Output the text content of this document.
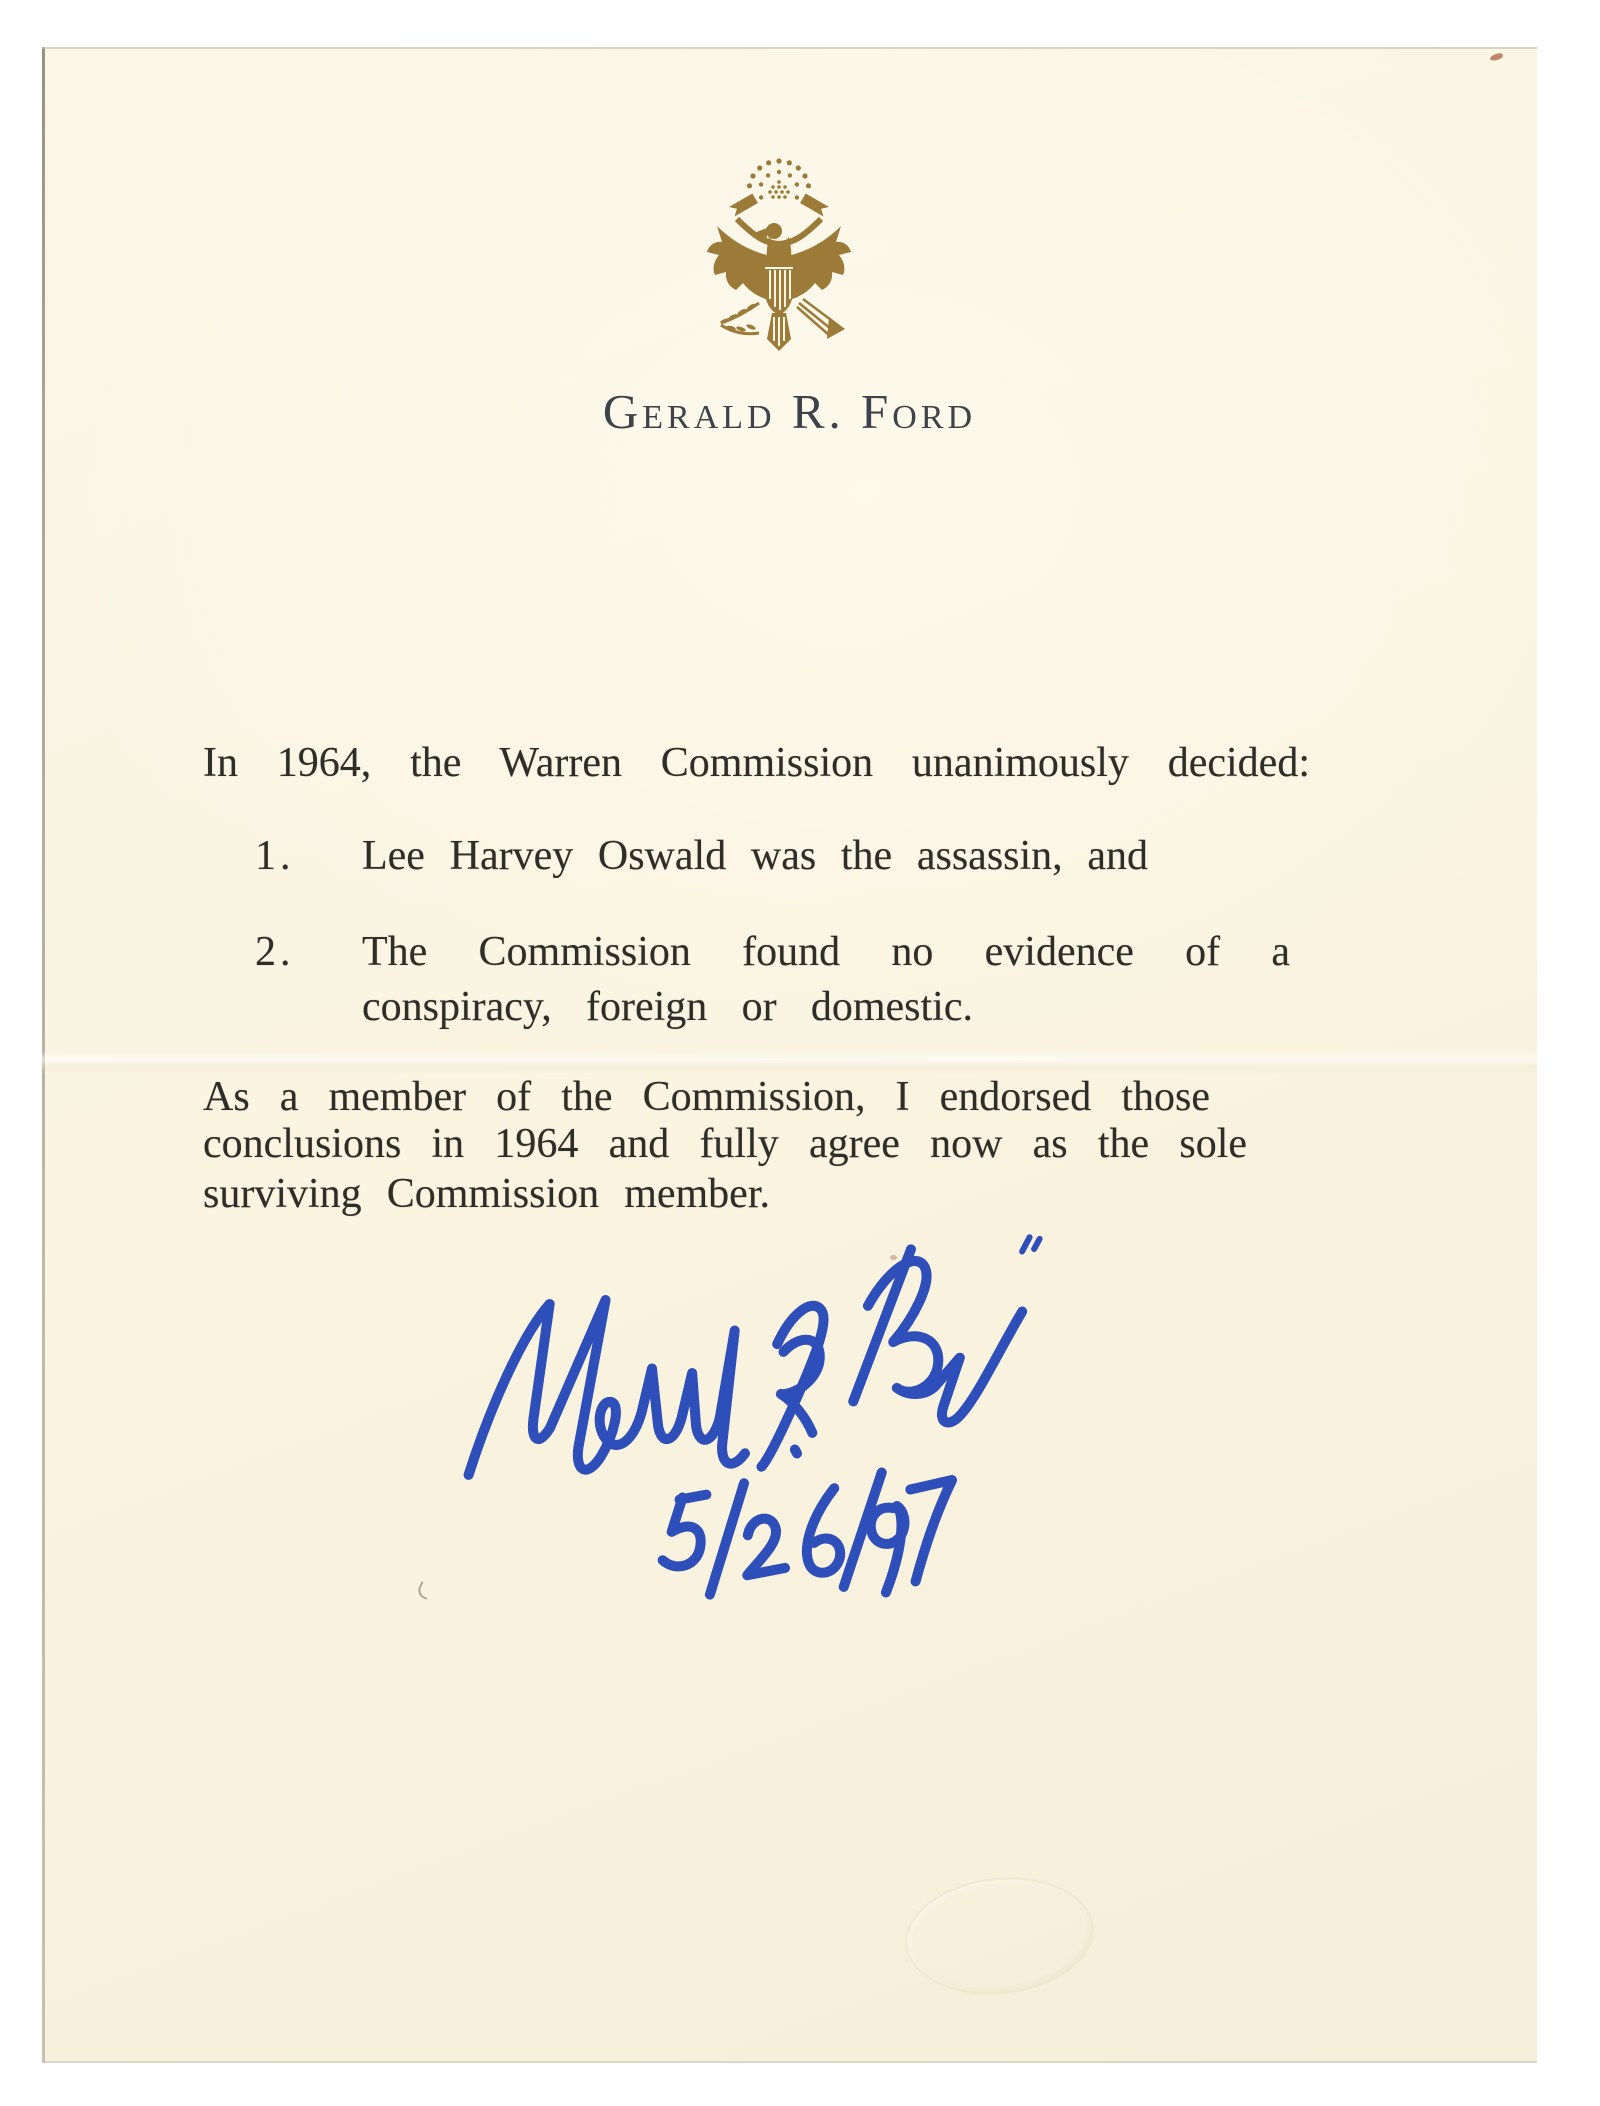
Gerald R. Ford
In 1964, the Warren Commission unanimously decided:
1. Lee Harvey Oswald was the assassin, and
2. The Commission found no evidence of a
conspiracy, foreign or domestic.
As a member of the Commission, I endorsed those
conclusions in 1964 and fully agree now as the sole
surviving Commission member.
